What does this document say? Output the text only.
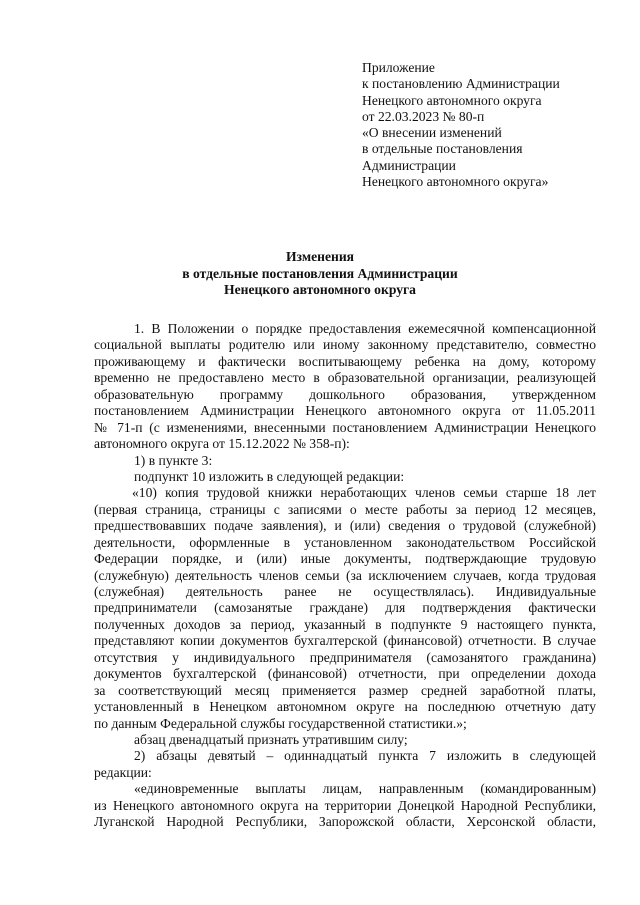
Приложение
к постановлению Администрации
Ненецкого автономного округа
от 22.03.2023 № 80-п
«О внесении изменений
в отдельные постановления
Администрации
Ненецкого автономного округа»
Изменения
в отдельные постановления Администрации
Ненецкого автономного округа
1. В Положении о порядке предоставления ежемесячной компенсационной
социальной выплаты родителю или иному законному представителю, совместно
проживающему и фактически воспитывающему ребенка на дому, которому
временно не предоставлено место в образовательной организации, реализующей
образовательную программу дошкольного образования, утвержденном
постановлением Администрации Ненецкого автономного округа от 11.05.2011
№ 71-п (с изменениями, внесенными постановлением Администрации Ненецкого
автономного округа от 15.12.2022 № 358-п):
1) в пункте 3:
подпункт 10 изложить в следующей редакции:
«10) копия трудовой книжки неработающих членов семьи старше 18 лет
(первая страница, страницы с записями о месте работы за период 12 месяцев,
предшествовавших подаче заявления), и (или) сведения о трудовой (служебной)
деятельности, оформленные в установленном законодательством Российской
Федерации порядке, и (или) иные документы, подтверждающие трудовую
(служебную) деятельность членов семьи (за исключением случаев, когда трудовая
(служебная) деятельность ранее не осуществлялась). Индивидуальные
предприниматели (самозанятые граждане) для подтверждения фактически
полученных доходов за период, указанный в подпункте 9 настоящего пункта,
представляют копии документов бухгалтерской (финансовой) отчетности. В случае
отсутствия у индивидуального предпринимателя (самозанятого гражданина)
документов бухгалтерской (финансовой) отчетности, при определении дохода
за соответствующий месяц применяется размер средней заработной платы,
установленный в Ненецком автономном округе на последнюю отчетную дату
по данным Федеральной службы государственной статистики.»;
абзац двенадцатый признать утратившим силу;
2) абзацы девятый – одиннадцатый пункта 7 изложить в следующей
редакции:
«единовременные выплаты лицам, направленным (командированным)
из Ненецкого автономного округа на территории Донецкой Народной Республики,
Луганской Народной Республики, Запорожской области, Херсонской области,
